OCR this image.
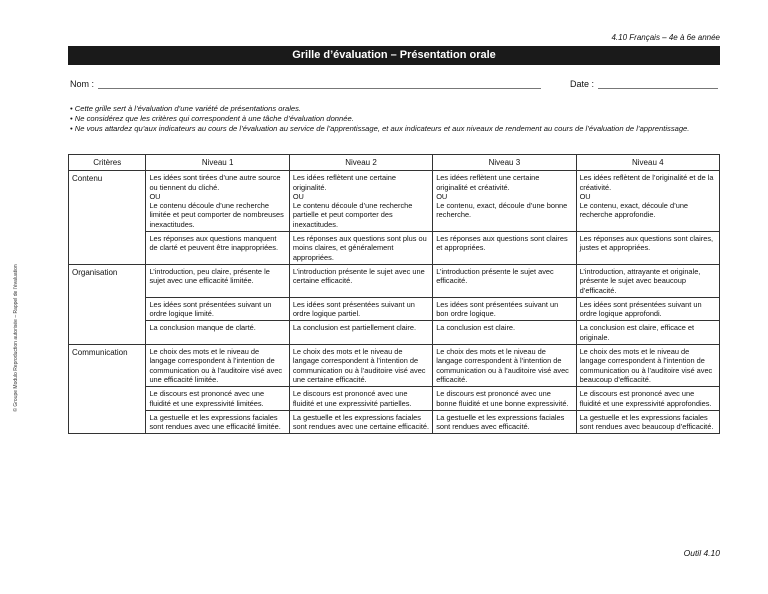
4.10 Français – 4e à 6e année
Grille d’évaluation – Présentation orale
Nom :	Date :
• Cette grille sert à l’évaluation d’une variété de présentations orales.
• Ne considérez que les critères qui correspondent à une tâche d’évaluation donnée.
• Ne vous attardez qu’aux indicateurs au cours de l’évaluation au service de l’apprentissage, et aux indicateurs et aux niveaux de rendement au cours de l’évaluation de l’apprentissage.
Critères	Niveau 1	Niveau 2	Niveau 3	Niveau 4
Contenu	Les idées sont tirées d’une autre source ou tiennent du cliché.
OU
Le contenu découle d’une recherche limitée et peut comporter de nombreuses inexactitudes.	Les idées reflètent une certaine originalité.
OU
Le contenu découle d’une recherche partielle et peut comporter des inexactitudes.	Les idées reflètent une certaine originalité et créativité.
OU
Le contenu, exact, découle d’une bonne recherche.	Les idées reflètent de l’originalité et de la créativité.
OU
Le contenu, exact, découle d’une recherche approfondie.
	Les réponses aux questions manquent de clarté et peuvent être inappropriées.	Les réponses aux questions sont plus ou moins claires, et généralement appropriées.	Les réponses aux questions sont claires et appropriées.	Les réponses aux questions sont claires, justes et appropriées.
Organisation	L’introduction, peu claire, présente le sujet avec une efficacité limitée.	L’introduction présente le sujet avec une certaine efficacité.	L’introduction présente le sujet avec efficacité.	L’introduction, attrayante et originale, présente le sujet avec beaucoup d’efficacité.
	Les idées sont présentées suivant un ordre logique limité.	Les idées sont présentées suivant un ordre logique partiel.	Les idées sont présentées suivant un bon ordre logique.	Les idées sont présentées suivant un ordre logique approfondi.
	La conclusion manque de clarté.	La conclusion est partiellement claire.	La conclusion est claire.	La conclusion est claire, efficace et originale.
Communication	Le choix des mots et le niveau de langage correspondent à l’intention de communication ou à l’auditoire visé avec une efficacité limitée.	Le choix des mots et le niveau de langage correspondent à l’intention de communication ou à l’auditoire visé avec une certaine efficacité.	Le choix des mots et le niveau de langage correspondent à l’intention de communication ou à l’auditoire visé avec efficacité.	Le choix des mots et le niveau de langage correspondent à l’intention de communication ou à l’auditoire visé avec beaucoup d’efficacité.
	Le discours est prononcé avec une fluidité et une expressivité limitées.	Le discours est prononcé avec une fluidité et une expressivité partielles.	Le discours est prononcé avec une bonne fluidité et une bonne expressivité.	Le discours est prononcé avec une fluidité et une expressivité approfondies.
	La gestuelle et les expressions faciales sont rendues avec une efficacité limitée.	La gestuelle et les expressions faciales sont rendues avec une certaine efficacité.	La gestuelle et les expressions faciales sont rendues avec efficacité.	La gestuelle et les expressions faciales sont rendues avec beaucoup d’efficacité.
© Groupe Modulo Reproduction autorisée – Rappel de l’évaluation
Outil 4.10
